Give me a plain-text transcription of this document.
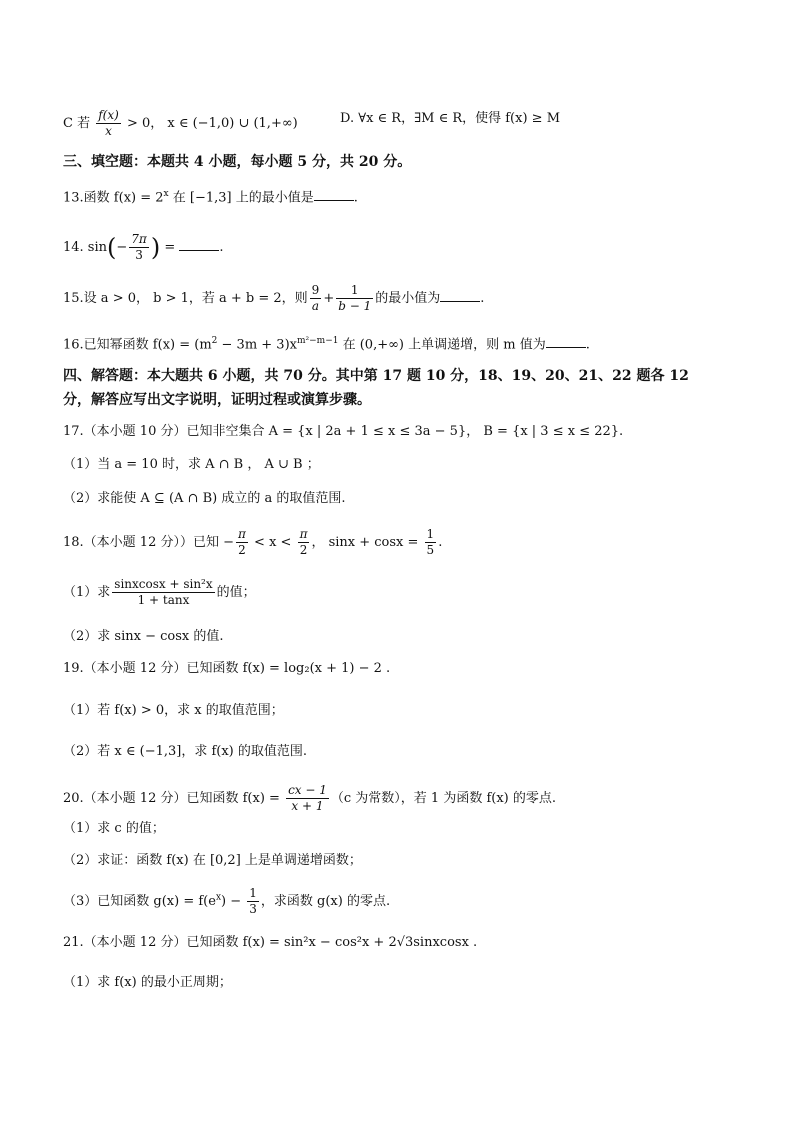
C 若 $\frac{f(x)}{x} > 0$， x ∈ (−1,0) ∪ (1,+∞)	D. ∀x ∈ R，∃M ∈ R，使得 f(x) ≥ M
三、填空题：本题共 4 小题，每小题 5 分，共 20 分。
13.函数 $f(x) = 2^x$ 在 [−1,3] 上的最小值是	.
14. $\sin(- \frac{7\pi}{3}$ ) =	.
15.设 a > 0， b > 1，若 a + b = 2，则 $\frac{9}{a} + \frac{1}{b - 1}$ 的最小值为	.
16.已知幂函数 $f(x) = (m^2 - 3m + 3)x^{m^2-m-1}$ 在 (0,+∞) 上单调递增，则 m 值为	.
四、解答题：本大题共 6 小题，共 70 分。其中第 17 题 10 分，18、19、20、21、22 题各 12
分，解答应写出文字说明，证明过程或演算步骤。
17.（本小题 10 分）已知非空集合 A = {x | 2a + 1 ≤ x ≤ 3a − 5}， B = {x | 3 ≤ x ≤ 22}.
（1）当 a = 10 时，求 A ∩ B ， A ∪ B ；
（2）求能使 A ⊆ (A ∩ B) 成立的 a 的取值范围.
18.（本小题 12 分））已知 − $\frac{\pi}{2} < x < \frac{\pi}{2}$ ， $\sin x + \cos x = \frac{1}{5}$ .
（1）求 $\frac{\text{sinxcosx + sin²x}}{1 + \tan x}$ 的值；
（2）求 sinx − cosx 的值.
19.（本小题 12 分）已知函数 f(x) = log₂(x + 1) − 2 .
（1）若 f(x) > 0，求 x 的取值范围；
（2）若 x ∈ (−1,3]，求 f(x) 的取值范围.
20.（本小题 12 分）已知函数 $f(x) = \frac{cx - 1}{x + 1} (c$ 为常数），若 1 为函数 f(x) 的零点.
（1）求 c 的值；
（2）求证：函数 f(x) 在 [0,2] 上是单调递增函数；
（3）已知函数 $g(x) = f(e^x) - \frac{1}{3}$ ，求函数 g(x) 的零点.
21.（本小题 12 分）已知函数 f(x) = sin²x − cos²x + 2√3sinxcosx .
（1）求 f(x) 的最小正周期；
